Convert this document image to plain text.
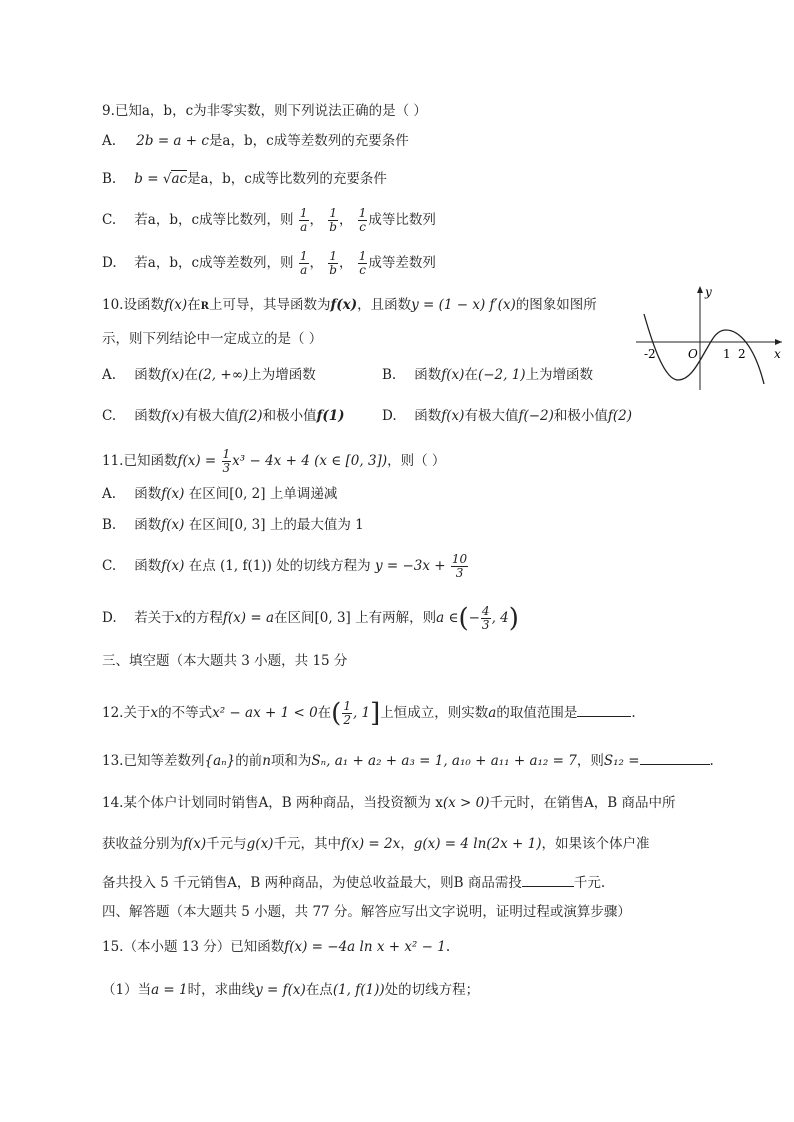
9.已知a，b，c为非零实数，则下列说法正确的是（ ）
A. 2b = a + c是a，b，c成等差数列的充要条件
B. b = √ac是a，b，c成等比数列的充要条件
C. 若a，b，c成等比数列，则 $\frac{1}{a}$ ， $\frac{1}{b}$ ， $\frac{1}{c}$ 成等比数列
D. 若a，b，c成等差数列，则 $\frac{1}{a}$ ， $\frac{1}{b}$ ， $\frac{1}{c}$ 成等差数列
10.设函数f(x)在R上可导，其导函数为f(x)，且函数y = (1 − x) f′(x)的图象如图所
示，则下列结论中一定成立的是（ ）
A. 函数f(x)在(2, +∞)上为增函数	B. 函数f(x)在(−2, 1)上为增函数
C. 函数f(x)有极大值f(2)和极小值f(1)	D. 函数f(x)有极大值f(−2)和极小值f(2)
y
x
O
-2	1 2
11.已知函数$f(x) = \frac{1}{3} x^3 - 4x + 4$ (x ∈ [0, 3])，则（ ）
A. 函数f(x) 在区间[0, 2] 上单调递减
B. 函数f(x) 在区间[0, 3] 上的最大值为 1
C. 函数f(x) 在点 (1, f(1)) 处的切线方程为 $y = -3x + \frac{10}{3}$
D. 若关于x的方程f(x) = a在区间[0, 3] 上有两解，则a ∈(− $\frac{4}{3}$ , 4)
三、填空题（本大题共 3 小题，共 15 分
12.关于x的不等式x² − ax + 1 < 0在( $\frac{1}{2}$ , 1]上恒成立，则实数a的取值范围是	.
13.已知等差数列{aₙ}的前n项和为Sₙ, a₁ + a₂ + a₃ = 1, a₁₀ + a₁₁ + a₁₂ = 7，则S₁₂ =	.
14.某个体户计划同时销售A，B 两种商品，当投资额为 x(x > 0)千元时，在销售A，B 商品中所
获收益分别为f(x)千元与g(x)千元，其中f(x) = 2x，g(x) = 4 ln(2x + 1)，如果该个体户准
备共投入 5 千元销售A，B 两种商品，为使总收益最大，则B 商品需投	千元.
四、解答题（本大题共 5 小题，共 77 分。解答应写出文字说明，证明过程或演算步骤）
15.（本小题 13 分）已知函数f(x) = −4a ln x + x² − 1.
（1）当a = 1时，求曲线y = f(x)在点(1, f(1))处的切线方程；
